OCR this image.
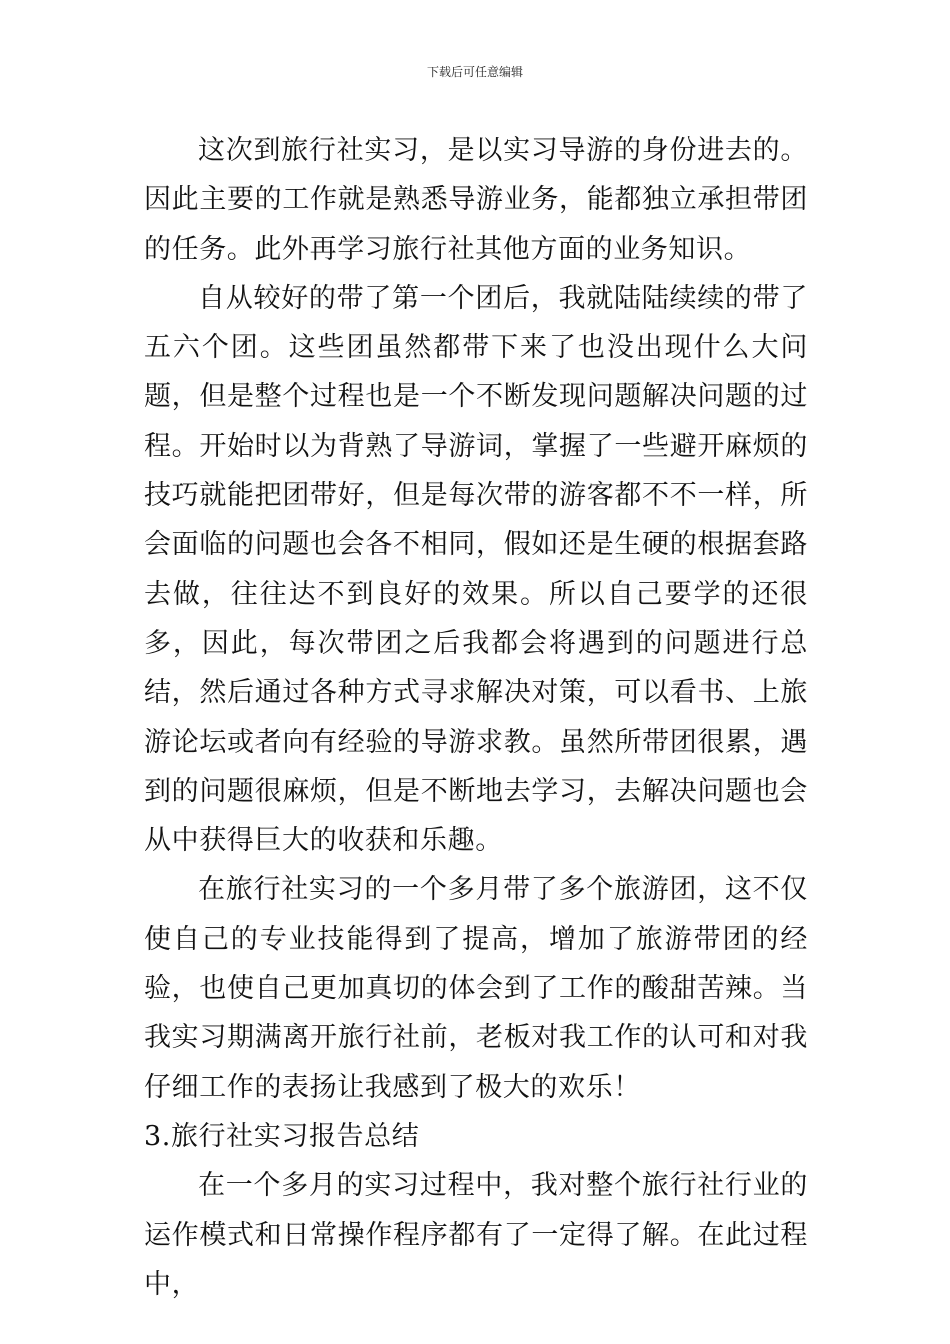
下载后可任意编辑

这次到旅行社实习，是以实习导游的身份进去的。因此主要的工作就是熟悉导游业务，能都独立承担带团的任务。此外再学习旅行社其他方面的业务知识。

自从较好的带了第一个团后，我就陆陆续续的带了五六个团。这些团虽然都带下来了也没出现什么大问题，但是整个过程也是一个不断发现问题解决问题的过程。开始时以为背熟了导游词，掌握了一些避开麻烦的技巧就能把团带好，但是每次带的游客都不不一样，所会面临的问题也会各不相同，假如还是生硬的根据套路去做，往往达不到良好的效果。所以自己要学的还很多，因此，每次带团之后我都会将遇到的问题进行总结，然后通过各种方式寻求解决对策，可以看书、上旅游论坛或者向有经验的导游求教。虽然所带团很累，遇到的问题很麻烦，但是不断地去学习，去解决问题也会从中获得巨大的收获和乐趣。

在旅行社实习的一个多月带了多个旅游团，这不仅使自己的专业技能得到了提高，增加了旅游带团的经验，也使自己更加真切的体会到了工作的酸甜苦辣。当我实习期满离开旅行社前，老板对我工作的认可和对我仔细工作的表扬让我感到了极大的欢乐！

3.旅行社实习报告总结

在一个多月的实习过程中，我对整个旅行社行业的运作模式和日常操作程序都有了一定得了解。在此过程中，
